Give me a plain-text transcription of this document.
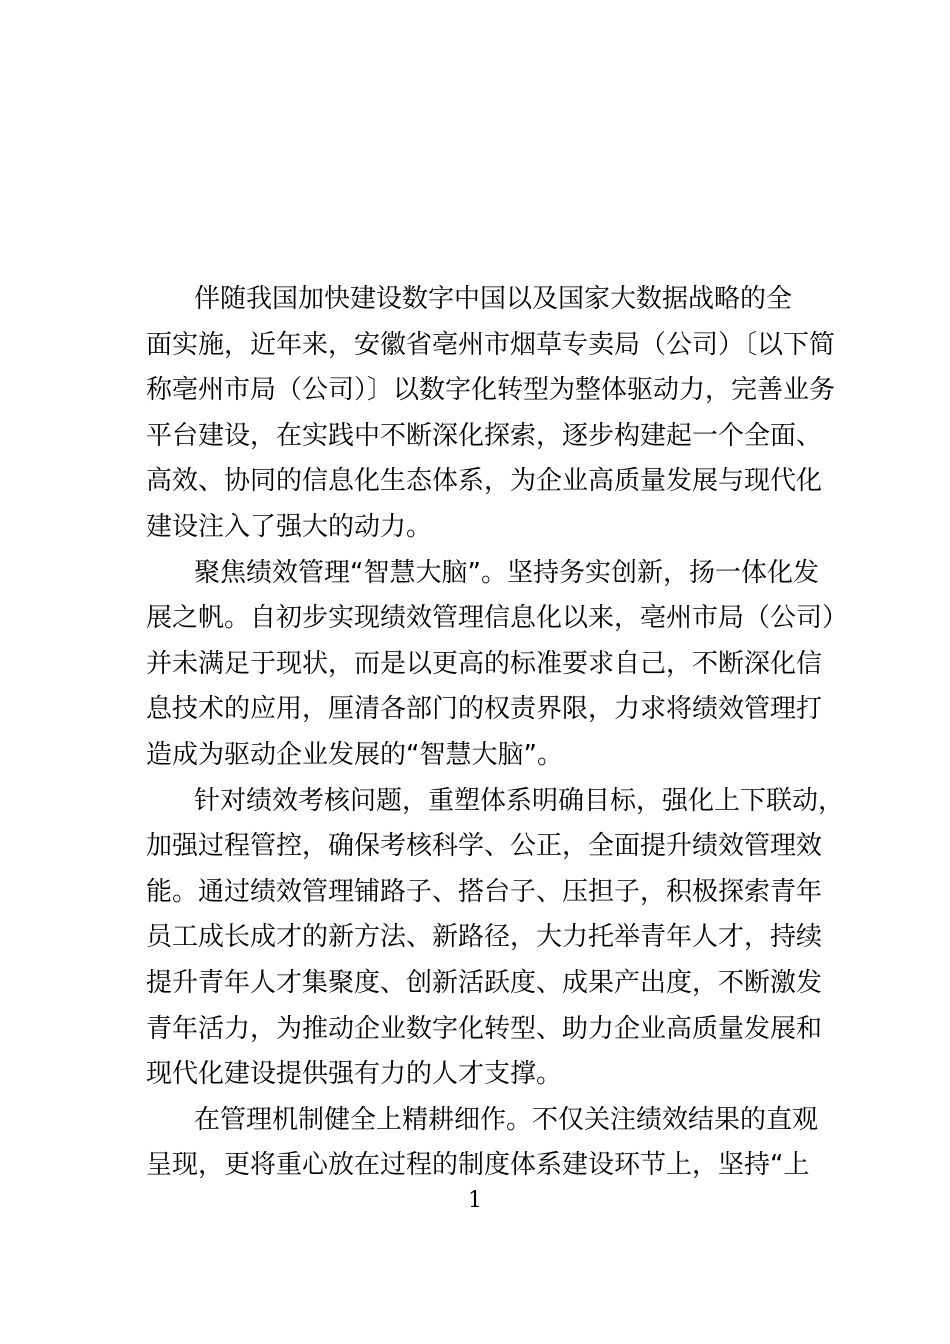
伴随我国加快建设数字中国以及国家大数据战略的全
面实施，近年来，安徽省亳州市烟草专卖局（公司）〔以下简
称亳州市局（公司）〕以数字化转型为整体驱动力，完善业务
平台建设，在实践中不断深化探索，逐步构建起一个全面、
高效、协同的信息化生态体系，为企业高质量发展与现代化
建设注入了强大的动力。
聚焦绩效管理“智慧大脑”。坚持务实创新，扬一体化发
展之帆。自初步实现绩效管理信息化以来，亳州市局（公司）
并未满足于现状，而是以更高的标准要求自己，不断深化信
息技术的应用，厘清各部门的权责界限，力求将绩效管理打
造成为驱动企业发展的“智慧大脑”。
针对绩效考核问题，重塑体系明确目标，强化上下联动，
加强过程管控，确保考核科学、公正，全面提升绩效管理效
能。通过绩效管理铺路子、搭台子、压担子，积极探索青年
员工成长成才的新方法、新路径，大力托举青年人才，持续
提升青年人才集聚度、创新活跃度、成果产出度，不断激发
青年活力，为推动企业数字化转型、助力企业高质量发展和
现代化建设提供强有力的人才支撑。
在管理机制健全上精耕细作。不仅关注绩效结果的直观
呈现，更将重心放在过程的制度体系建设环节上，坚持“上
1
